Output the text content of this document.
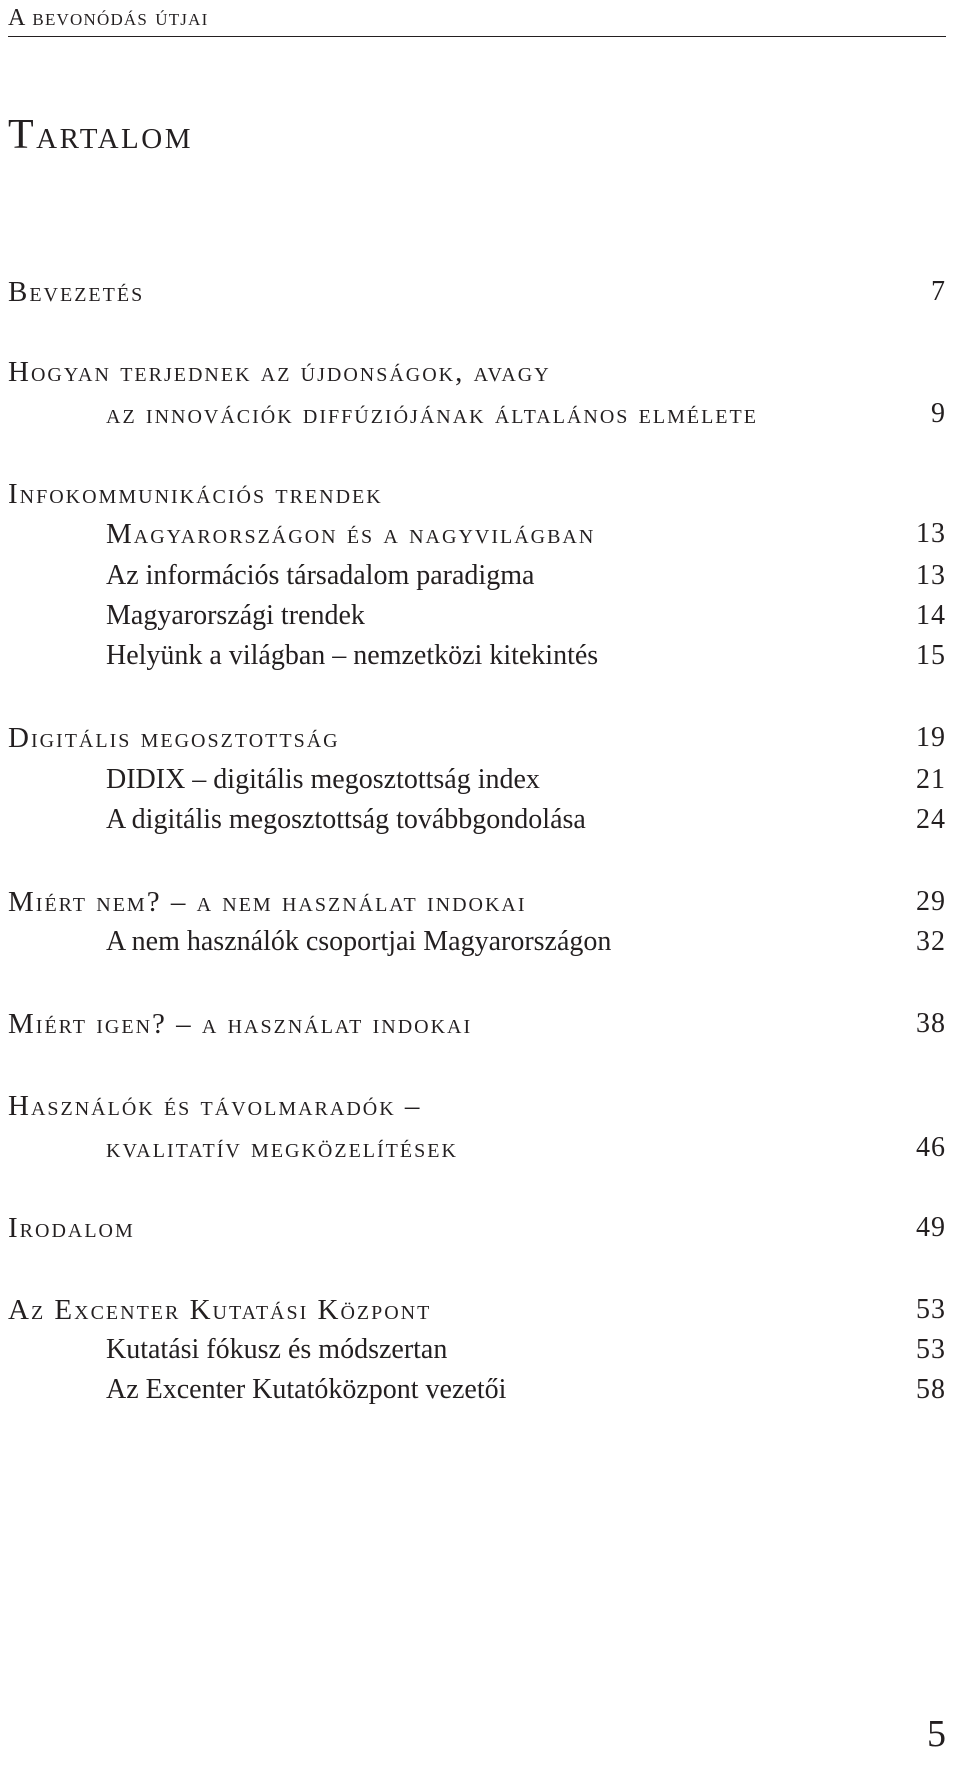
A bevonódás útjai
Tartalom
Bevezetés	7
Hogyan terjednek az újdonságok, avagy
az innovációk diffúziójának általános elmélete	9
Infokommunikációs trendek
Magyarországon és a nagyvilágban	13
Az információs társadalom paradigma	13
Magyarországi trendek	14
Helyünk a világban – nemzetközi kitekintés	15
Digitális megosztottság	19
DIDIX – digitális megosztottság index	21
A digitális megosztottság továbbgondolása	24
Miért nem? – a nem használat indokai	29
A nem használók csoportjai Magyarországon	32
Miért igen? – a használat indokai	38
Használók és távolmaradók –
kvalitatív megközelítések	46
Irodalom	49
Az Excenter Kutatási Központ	53
Kutatási fókusz és módszertan	53
Az Excenter Kutatóközpont vezetői	58
5
